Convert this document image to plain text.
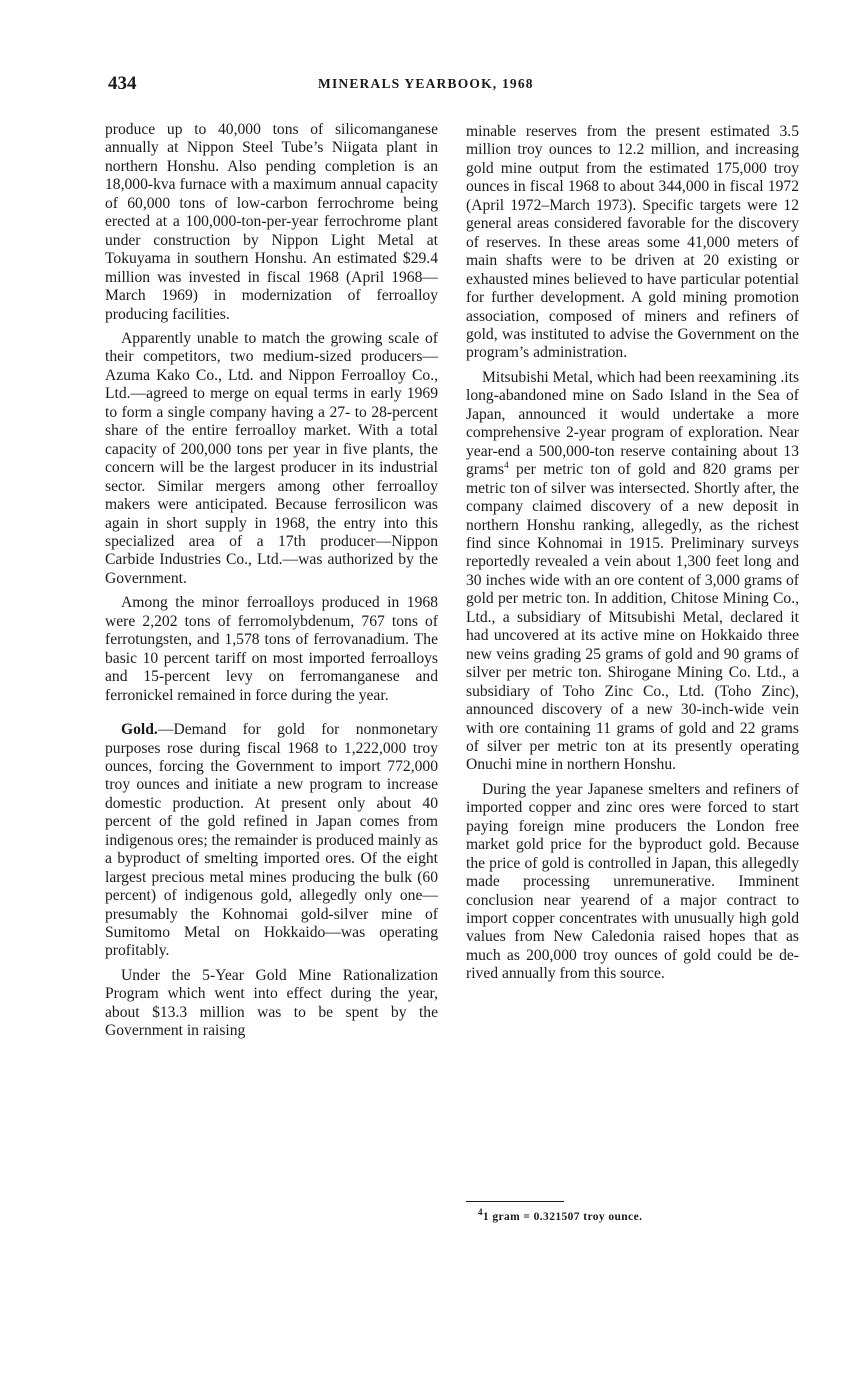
434	MINERALS YEARBOOK, 1968

produce up to 40,000 tons of silicomanganese annually at Nippon Steel Tube’s Niigata plant in northern Honshu. Also pending completion is an 18,000-kva furnace with a maximum annual capacity of 60,000 tons of low-carbon ferrochrome being erected at a 100,000-ton-per-year ferrochrome plant under construction by Nippon Light Metal at Tokuyama in southern Honshu. An estimated $29.4 million was invested in fiscal 1968 (April 1968—March 1969) in modernization of ferroalloy producing facilities.

Apparently unable to match the growing scale of their competitors, two medium-sized producers—Azuma Kako Co., Ltd. and Nippon Ferroalloy Co., Ltd.—agreed to merge on equal terms in early 1969 to form a single company having a 27- to 28-percent share of the entire ferroalloy market. With a total capacity of 200,000 tons per year in five plants, the concern will be the largest producer in its industrial sector. Similar mergers among other ferroalloy makers were anticipated. Because ferrosilicon was again in short supply in 1968, the entry into this specialized area of a 17th producer—Nippon Carbide Industries Co., Ltd.—was authorized by the Government.

Among the minor ferroalloys produced in 1968 were 2,202 tons of ferromolybdenum, 767 tons of ferrotungsten, and 1,578 tons of ferrovanadium. The basic 10 percent tariff on most imported ferroalloys and 15-percent levy on ferromanganese and ferronickel remained in force during the year.

Gold.—Demand for gold for nonmonetary purposes rose during fiscal 1968 to 1,222,000 troy ounces, forcing the Government to import 772,000 troy ounces and initiate a new program to increase domestic production. At present only about 40 percent of the gold refined in Japan comes from indigenous ores; the remainder is produced mainly as a byproduct of smelting imported ores. Of the eight largest precious metal mines producing the bulk (60 percent) of indigenous gold, allegedly only one—presumably the Kohnomai gold-silver mine of Sumitomo Metal on Hokkaido—was operating profitably.

Under the 5-Year Gold Mine Rationalization Program which went into effect during the year, about $13.3 million was to be spent by the Government in raising

minable reserves from the present estimated 3.5 million troy ounces to 12.2 million, and increasing gold mine output from the estimated 175,000 troy ounces in fiscal 1968 to about 344,000 in fiscal 1972 (April 1972–March 1973). Specific targets were 12 general areas considered favorable for the discovery of reserves. In these areas some 41,000 meters of main shafts were to be driven at 20 existing or exhausted mines believed to have particular potential for further development. A gold mining promotion association, composed of miners and refiners of gold, was instituted to advise the Government on the program’s administration.

Mitsubishi Metal, which had been reexamining .its long-abandoned mine on Sado Island in the Sea of Japan, announced it would undertake a more comprehensive 2-year program of exploration. Near year-end a 500,000-ton reserve containing about 13 grams$^4$ per metric ton of gold and 820 grams per metric ton of silver was intersected. Shortly after, the company claimed discovery of a new deposit in northern Honshu ranking, allegedly, as the richest find since Kohnomai in 1915. Preliminary surveys reportedly revealed a vein about 1,300 feet long and 30 inches wide with an ore content of 3,000 grams of gold per metric ton. In addition, Chitose Mining Co., Ltd., a subsidiary of Mitsubishi Metal, declared it had uncovered at its active mine on Hokkaido three new veins grading 25 grams of gold and 90 grams of silver per metric ton. Shirogane Mining Co. Ltd., a subsidiary of Toho Zinc Co., Ltd. (Toho Zinc), announced discovery of a new 30-inch-wide vein with ore containing 11 grams of gold and 22 grams of silver per metric ton at its presently operating Onuchi mine in northern Honshu.

During the year Japanese smelters and refiners of imported copper and zinc ores were forced to start paying foreign mine producers the London free market gold price for the byproduct gold. Because the price of gold is controlled in Japan, this allegedly made processing unremunerative. Imminent conclusion near yearend of a major contract to import copper concentrates with unusually high gold values from New Caledonia raised hopes that as much as 200,000 troy ounces of gold could be derived annually from this source.

$^4$1 gram = 0.321507 troy ounce.
